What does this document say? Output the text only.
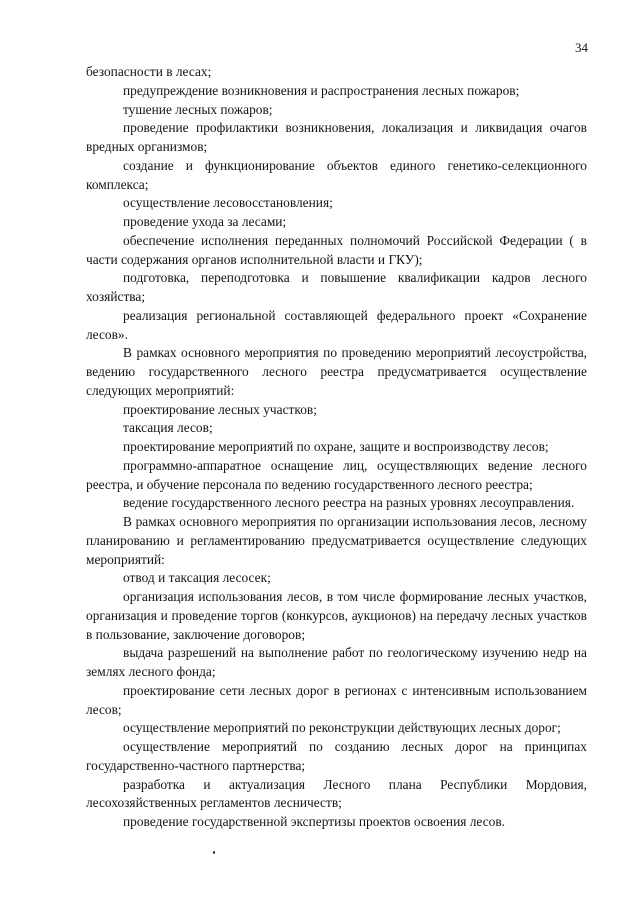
34

безопасности в лесах;

предупреждение возникновения и распространения лесных пожаров;

тушение лесных пожаров;

проведение профилактики возникновения, локализация и ликвидация очагов вредных организмов;

создание и функционирование объектов единого генетико-селекционного комплекса;

осуществление лесовосстановления;

проведение ухода за лесами;

обеспечение исполнения переданных полномочий Российской Федерации ( в части содержания органов исполнительной власти и ГКУ);

подготовка, переподготовка и повышение квалификации кадров лесного хозяйства;

реализация региональной составляющей федерального проект «Сохранение лесов».

В рамках основного мероприятия по проведению мероприятий лесоустройства, ведению государственного лесного реестра предусматривается осуществление следующих мероприятий:

проектирование лесных участков;

таксация лесов;

проектирование мероприятий по охране, защите и воспроизводству лесов;

программно-аппаратное оснащение лиц, осуществляющих ведение лесного реестра, и обучение персонала по ведению государственного лесного реестра;

ведение государственного лесного реестра на разных уровнях лесоуправления.

В рамках основного мероприятия по организации использования лесов, лесному планированию и регламентированию предусматривается осуществление следующих мероприятий:

отвод и таксация лесосек;

организация использования лесов, в том числе формирование лесных участков, организация и проведение торгов (конкурсов, аукционов) на передачу лесных участков в пользование, заключение договоров;

выдача разрешений на выполнение работ по геологическому изучению недр на землях лесного фонда;

проектирование сети лесных дорог в регионах с интенсивным использованием лесов;

осуществление мероприятий по реконструкции действующих лесных дорог;

осуществление мероприятий по созданию лесных дорог на принципах государственно-частного партнерства;

разработка и актуализация Лесного плана Республики Мордовия, лесохозяйственных регламентов лесничеств;

проведение государственной экспертизы проектов освоения лесов.
